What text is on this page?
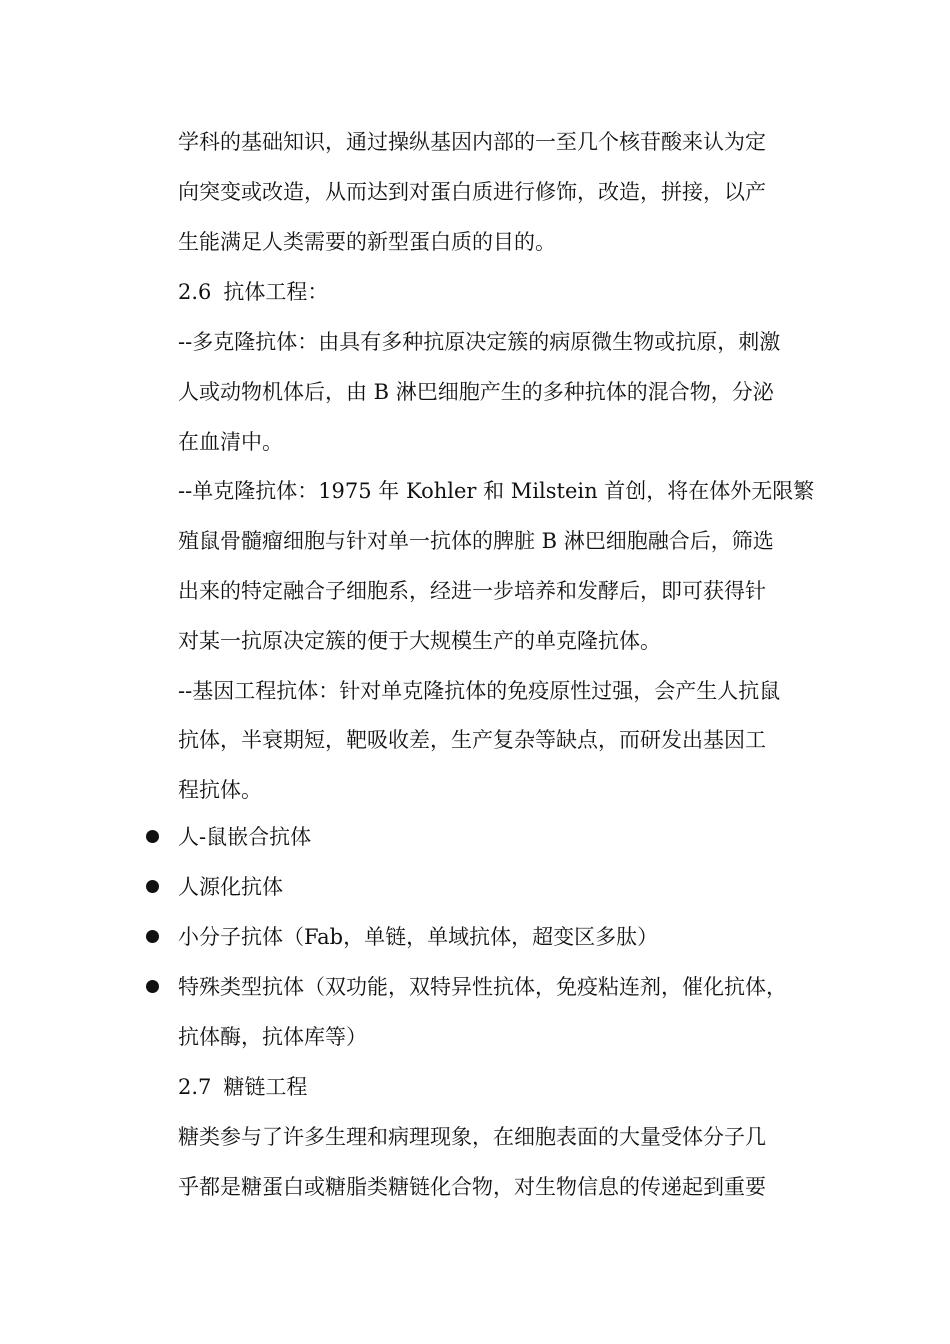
学科的基础知识，通过操纵基因内部的一至几个核苷酸来认为定
向突变或改造，从而达到对蛋白质进行修饰，改造，拼接，以产
生能满足人类需要的新型蛋白质的目的。
2.6 抗体工程：
--多克隆抗体：由具有多种抗原决定簇的病原微生物或抗原，刺激
人或动物机体后，由 B 淋巴细胞产生的多种抗体的混合物，分泌
在血清中。
--单克隆抗体：1975 年 Kohler 和 Milstein 首创，将在体外无限繁
殖鼠骨髓瘤细胞与针对单一抗体的脾脏 B 淋巴细胞融合后，筛选
出来的特定融合子细胞系，经进一步培养和发酵后，即可获得针
对某一抗原决定簇的便于大规模生产的单克隆抗体。
--基因工程抗体：针对单克隆抗体的免疫原性过强，会产生人抗鼠
抗体，半衰期短，靶吸收差，生产复杂等缺点，而研发出基因工
程抗体。
人-鼠嵌合抗体
人源化抗体
小分子抗体（Fab，单链，单域抗体，超变区多肽）
特殊类型抗体（双功能，双特异性抗体，免疫粘连剂，催化抗体，
抗体酶，抗体库等）
2.7 糖链工程
糖类参与了许多生理和病理现象，在细胞表面的大量受体分子几
乎都是糖蛋白或糖脂类糖链化合物，对生物信息的传递起到重要
